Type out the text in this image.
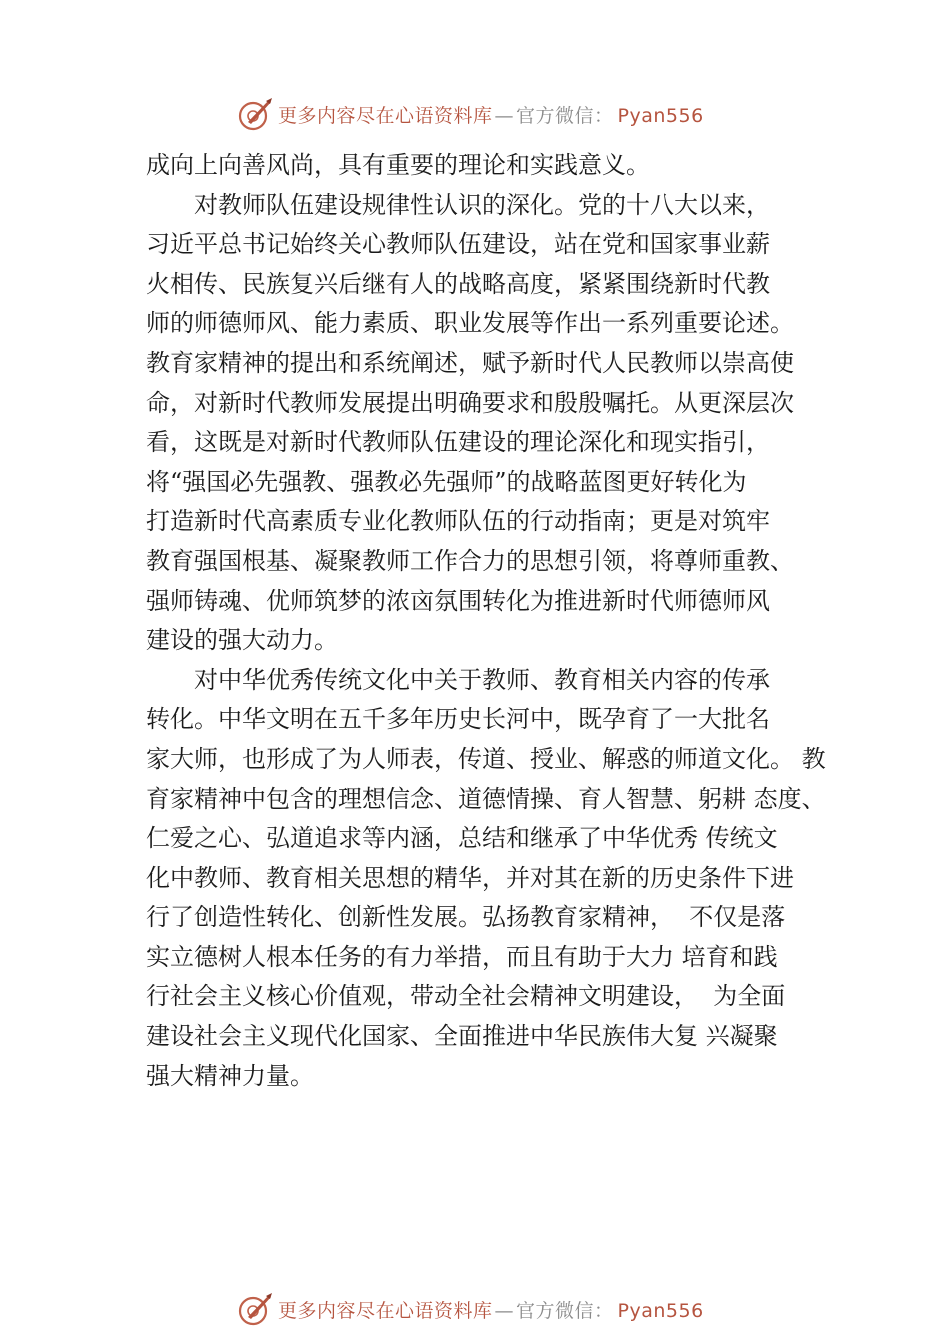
更多内容尽在心语资料库 — 官方微信： Pyan556
成向上向善风尚，具有重要的理论和实践意义。
对教师队伍建设规律性认识的深化。党的十八大以来，
习近平总书记始终关心教师队伍建设，站在党和国家事业薪
火相传、民族复兴后继有人的战略高度，紧紧围绕新时代教
师的师德师风、能力素质、职业发展等作出一系列重要论述。
教育家精神的提出和系统阐述，赋予新时代人民教师以崇高使
命，对新时代教师发展提出明确要求和殷殷嘱托。从更深层次
看，这既是对新时代教师队伍建设的理论深化和现实指引，
将“强国必先强教、强教必先强师”的战略蓝图更好转化为
打造新时代高素质专业化教师队伍的行动指南；更是对筑牢
教育强国根基、凝聚教师工作合力的思想引领，将尊师重教、
强师铸魂、优师筑梦的浓㐫氛围转化为推进新时代师德师风
建设的强大动力。
对中华优秀传统文化中关于教师、教育相关内容的传承
转化。中华文明在五千多年历史长河中，既孕育了一大批名
家大师，也形成了为人师表，传道、授业、解惑的师道文化。 教
育家精神中包含的理想信念、道德情操、育人智慧、躬耕 态度、
仁爱之心、弘道追求等内涵，总结和继承了中华优秀 传统文
化中教师、教育相关思想的精华，并对其在新的历史条件下进
行了创造性转化、创新性发展。弘扬教育家精神，  不仅是落
实立德树人根本任务的有力举措，而且有助于大力 培育和践
行社会主义核心价值观，带动全社会精神文明建设，  为全面
建设社会主义现代化国家、全面推进中华民族伟大复 兴凝聚
强大精神力量。
更多内容尽在心语资料库 — 官方微信： Pyan556
